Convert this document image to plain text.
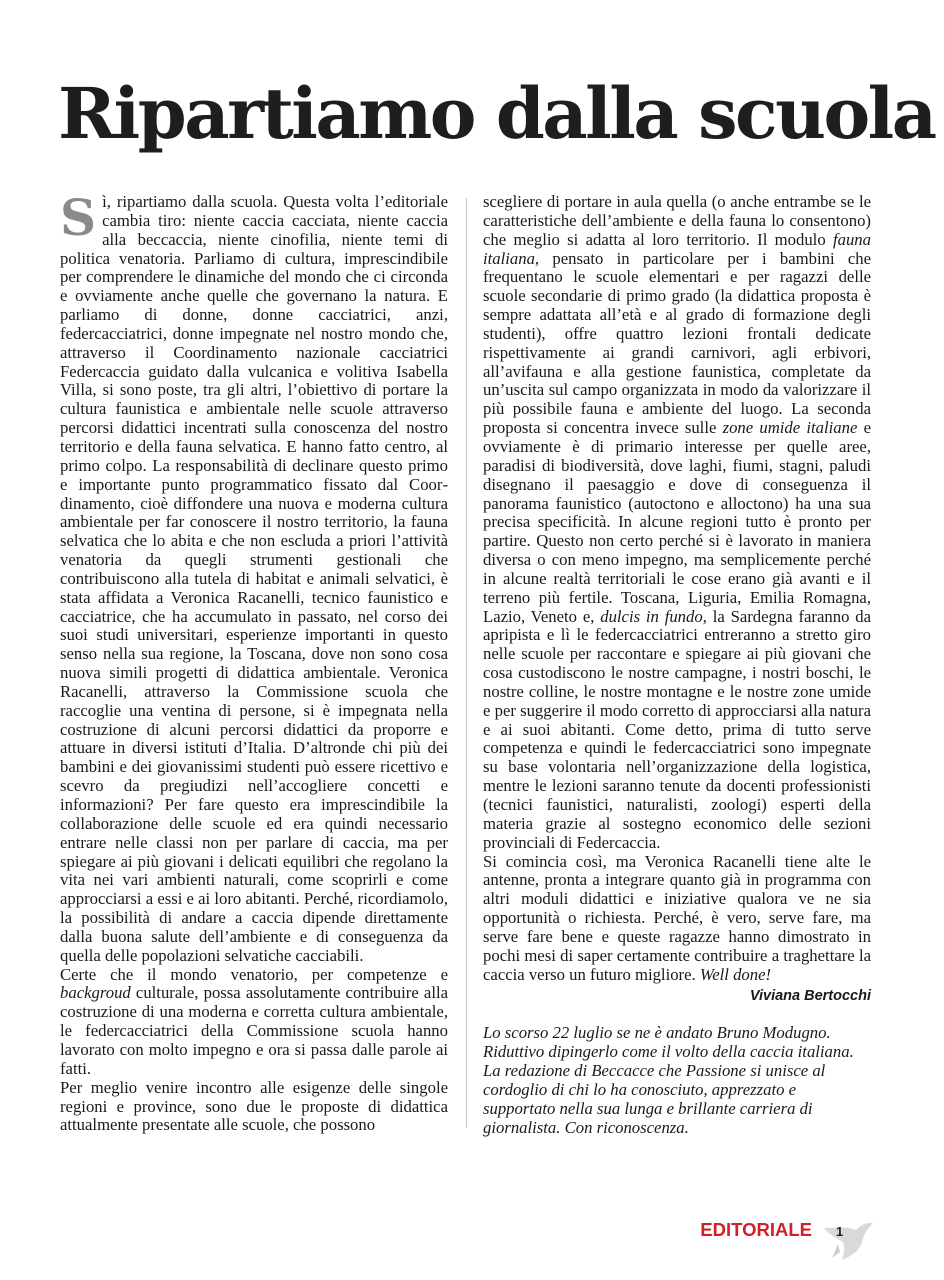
Ripartiamo dalla scuola

Sì, ripartiamo dalla scuola. Questa volta l’editoriale cambia tiro: niente caccia cacciata, niente caccia alla beccaccia, niente cinofilia, niente temi di politica venatoria. Parliamo di cultura, imprescindibile per comprendere le dinamiche del mondo che ci circonda e ovviamente anche quelle che governano la natura. E parliamo di donne, donne cacciatrici, anzi, federcacciatrici, donne impegnate nel nostro mondo che, attraverso il Coordinamento nazionale cacciatrici Federcaccia guidato dalla vulcanica e volitiva Isabella Villa, si sono poste, tra gli altri, l’obiettivo di portare la cultura faunistica e ambientale nelle scuole attraverso percorsi didattici incentrati sulla conoscenza del nostro territorio e della fauna selvatica. E hanno fatto centro, al primo colpo. La responsabilità di declinare questo primo e importante punto programmatico fissato dal Coordinamento, cioè diffondere una nuova e moderna cultura ambientale per far conoscere il nostro territorio, la fauna selvatica che lo abita e che non escluda a priori l’attività venatoria da quegli strumenti gestionali che contribuiscono alla tutela di habitat e animali selvatici, è stata affidata a Veronica Racanelli, tecnico faunistico e cacciatrice, che ha accumulato in passato, nel corso dei suoi studi universitari, esperienze importanti in questo senso nella sua regione, la Toscana, dove non sono cosa nuova simili progetti di didattica ambientale. Veronica Racanelli, attraverso la Commissione scuola che raccoglie una ventina di persone, si è impegnata nella costruzione di alcuni percorsi didattici da proporre e attuare in diversi istituti d’Italia. D’altronde chi più dei bambini e dei giovanissimi studenti può essere ricettivo e scevro da pregiudizi nell’accogliere concetti e informazioni? Per fare questo era imprescindibile la collaborazione delle scuole ed era quindi necessario entrare nelle classi non per parlare di caccia, ma per spiegare ai più giovani i delicati equilibri che regolano la vita nei vari ambienti naturali, come scoprirli e come approcciarsi a essi e ai loro abitanti. Perché, ricordiamolo, la possibilità di andare a caccia dipende direttamente dalla buona salute dell’ambiente e di conseguenza da quella delle popolazioni selvatiche cacciabili.

Certe che il mondo venatorio, per competenze e backgroud culturale, possa assolutamente contribuire alla costruzione di una moderna e corretta cultura ambientale, le federcacciatrici della Commissione scuola hanno lavorato con molto impegno e ora si passa dalle parole ai fatti.

Per meglio venire incontro alle esigenze delle singole regioni e province, sono due le proposte di didattica attualmente presentate alle scuole, che possono

scegliere di portare in aula quella (o anche entrambe se le caratteristiche dell’ambiente e della fauna lo consentono) che meglio si adatta al loro territorio. Il modulo fauna italiana, pensato in particolare per i bambini che frequentano le scuole elementari e per ragazzi delle scuole secondarie di primo grado (la didattica proposta è sempre adattata all’età e al grado di formazione degli studenti), offre quattro lezioni frontali dedicate rispettivamente ai grandi carnivori, agli erbivori, all’avifauna e alla gestione faunistica, completate da un’uscita sul campo organizzata in modo da valorizzare il più possibile fauna e ambiente del luogo. La seconda proposta si concentra invece sulle zone umide italiane e ovviamente è di primario interesse per quelle aree, paradisi di biodiversità, dove laghi, fiumi, stagni, paludi disegnano il paesaggio e dove di conseguenza il panorama faunistico (autoctono e alloctono) ha una sua precisa specificità. In alcune regioni tutto è pronto per partire. Questo non certo perché si è lavorato in maniera diversa o con meno impegno, ma semplicemente perché in alcune realtà territoriali le cose erano già avanti e il terreno più fertile. Toscana, Liguria, Emilia Romagna, Lazio, Veneto e, dulcis in fundo, la Sardegna faranno da apripista e lì le federcacciatrici entreranno a stretto giro nelle scuole per raccontare e spiegare ai più giovani che cosa custodiscono le nostre campagne, i nostri boschi, le nostre colline, le nostre montagne e le nostre zone umide e per suggerire il modo corretto di approcciarsi alla natura e ai suoi abitanti. Come detto, prima di tutto serve competenza e quindi le federcacciatrici sono impegnate su base volontaria nell’organizzazione della logistica, mentre le lezioni saranno tenute da docenti professionisti (tecnici faunistici, naturalisti, zoologi) esperti della materia grazie al sostegno economico delle sezioni provinciali di Federcaccia.

Si comincia così, ma Veronica Racanelli tiene alte le antenne, pronta a integrare quanto già in programma con altri moduli didattici e iniziative qualora ve ne sia opportunità o richiesta. Perché, è vero, serve fare, ma serve fare bene e queste ragazze hanno dimostrato in pochi mesi di saper certamente contribuire a traghettare la caccia verso un futuro migliore. Well done!

Viviana Bertocchi

Lo scorso 22 luglio se ne è andato Bruno Modugno. Riduttivo dipingerlo come il volto della caccia italiana. La redazione di Beccacce che Passione si unisce al cordoglio di chi lo ha conosciuto, apprezzato e supportato nella sua lunga e brillante carriera di giornalista. Con riconoscenza.

EDITORIALE 1
